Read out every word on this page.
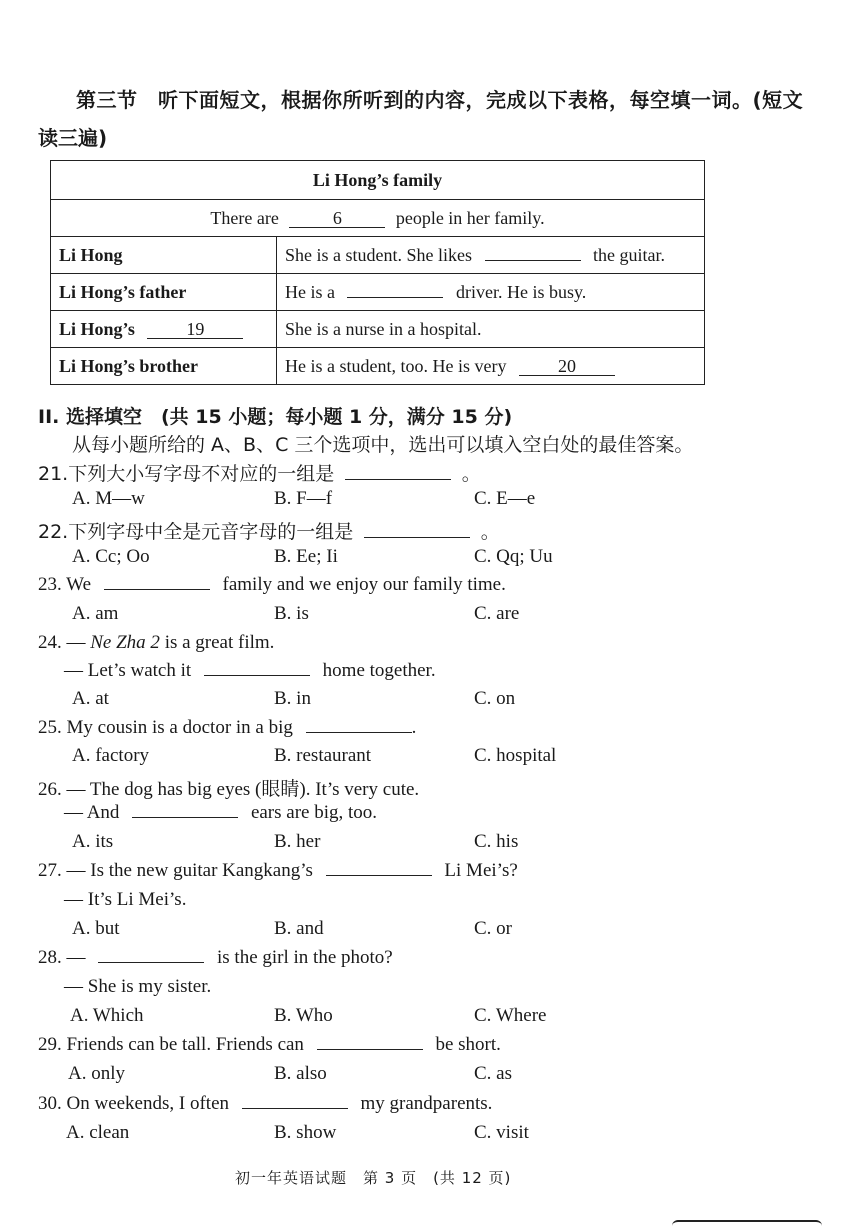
第三节　听下面短文，根据你所听到的内容，完成以下表格，每空填一词。(短文
读三遍)
Li Hong’s family	
There are 6 people in her family.	
Li Hong	She is a student. She likes the guitar.
Li Hong’s father	He is a driver. He is busy.
Li Hong’s 19	She is a nurse in a hospital.
Li Hong’s brother	He is a student, too. He is very 20
II. 选择填空　(共 15 小题；每小题 1 分，满分 15 分)
从每小题所给的 A、B、C 三个选项中，选出可以填入空白处的最佳答案。
21.下列大小写字母不对应的一组是	。
A. M—w	B. F—f	C. E—e
22.下列字母中全是元音字母的一组是	。
A. Cc; Oo	B. Ee; Ii	C. Qq; Uu
23. We	family and we enjoy our family time.
A. am	B. is	C. are
24. — Ne Zha 2 is a great film.
— Let’s watch it	home together.
A. at	B. in	C. on
25. My cousin is a doctor in a big	.
A. factory	B. restaurant	C. hospital
26. — The dog has big eyes (眼睛). It’s very cute.
— And	ears are big, too.
A. its	B. her	C. his
27. — Is the new guitar Kangkang’s	Li Mei’s?
— It’s Li Mei’s.
A. but	B. and	C. or
28. —	is the girl in the photo?
— She is my sister.
A. Which	B. Who	C. Where
29. Friends can be tall. Friends can	be short.
A. only	B. also	C. as
30. On weekends, I often	my grandparents.
A. clean	B. show	C. visit
初一年英语试题　第 3 页　(共 12 页)
